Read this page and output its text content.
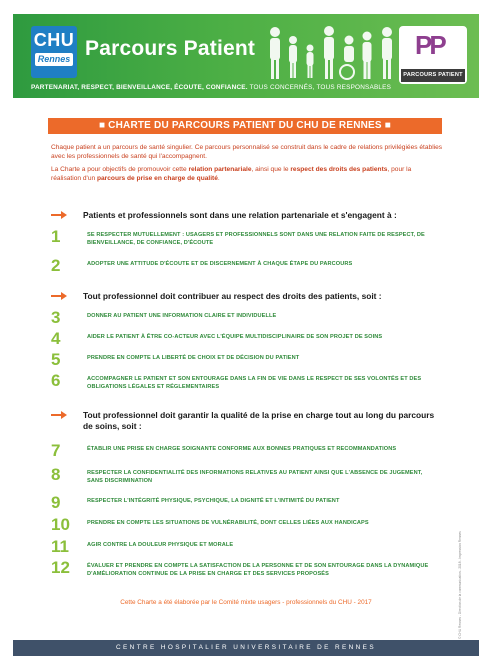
CHU
Rennes Parcours Patient	PP
PARCOURS PATIENT
PARTENARIAT, RESPECT, BIENVEILLANCE, ÉCOUTE, CONFIANCE. TOUS CONCERNÉS, TOUS RESPONSABLES
■ CHARTE DU PARCOURS PATIENT DU CHU DE RENNES ■
Chaque patient a un parcours de santé singulier. Ce parcours personnalisé se construit dans le cadre de relations privilégiées établies avec les professionnels de santé qui l'accompagnent.
La Charte a pour objectifs de promouvoir cette relation partenariale, ainsi que le respect des droits des patients, pour la réalisation d'un parcours de prise en charge de qualité.
Patients et professionnels sont dans une relation partenariale et s'engagent à :
1	SE RESPECTER MUTUELLEMENT : USAGERS ET PROFESSIONNELS SONT DANS UNE RELATION FAITE DE RESPECT, DE BIENVEILLANCE, DE CONFIANCE, D'ÉCOUTE
2	ADOPTER UNE ATTITUDE D'ÉCOUTE ET DE DISCERNEMENT À CHAQUE ÉTAPE DU PARCOURS
Tout professionnel doit contribuer au respect des droits des patients, soit :
3	DONNER AU PATIENT UNE INFORMATION CLAIRE ET INDIVIDUELLE
4	AIDER LE PATIENT À ÊTRE CO-ACTEUR AVEC L'ÉQUIPE MULTIDISCIPLINAIRE DE SON PROJET DE SOINS
5	PRENDRE EN COMPTE LA LIBERTÉ DE CHOIX ET DE DÉCISION DU PATIENT
6	ACCOMPAGNER LE PATIENT ET SON ENTOURAGE DANS LA FIN DE VIE DANS LE RESPECT DE SES VOLONTÉS ET DES OBLIGATIONS LÉGALES ET RÉGLEMENTAIRES
Tout professionnel doit garantir la qualité de la prise en charge tout au long du parcours de soins, soit :
7	ÉTABLIR UNE PRISE EN CHARGE SOIGNANTE CONFORME AUX BONNES PRATIQUES ET RECOMMANDATIONS
8	RESPECTER LA CONFIDENTIALITÉ DES INFORMATIONS RELATIVES AU PATIENT AINSI QUE L'ABSENCE DE JUGEMENT, SANS DISCRIMINATION
9	RESPECTER L'INTÉGRITÉ PHYSIQUE, PSYCHIQUE, LA DIGNITÉ ET L'INTIMITÉ DU PATIENT
10	PRENDRE EN COMPTE LES SITUATIONS DE VULNÉRABILITÉ, DONT CELLES LIÉES AUX HANDICAPS
11	AGIR CONTRE LA DOULEUR PHYSIQUE ET MORALE
12	ÉVALUER ET PRENDRE EN COMPTE LA SATISFACTION DE LA PERSONNE ET DE SON ENTOURAGE DANS LA DYNAMIQUE D'AMÉLIORATION CONTINUE DE LA PRISE EN CHARGE ET DES SERVICES PROPOSÉS
Cette Charte a été élaborée par le Comité mixte usagers - professionnels du CHU - 2017	© CHU Rennes - Direction de la communication - 2018 - Impression Rennes
CENTRE HOSPITALIER UNIVERSITAIRE DE RENNES
